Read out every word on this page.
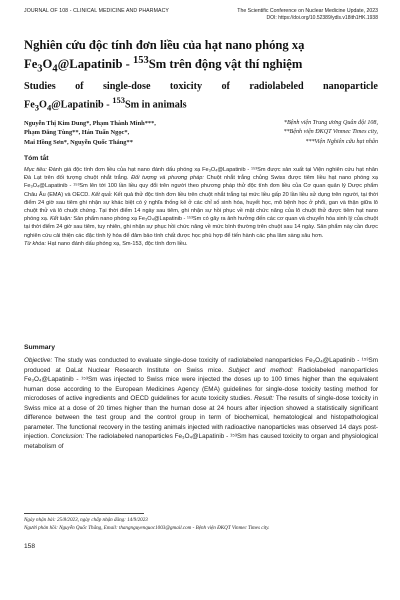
JOURNAL OF 108 - CLINICAL MEDICINE AND PHARMACY	The Scientific Conference on Nuclear Medicine Update, 2023
DOI: https://doi.org/10.52389/ydls.v18ith1HK.1938
Nghiên cứu độc tính đơn liều của hạt nano phóng xạ
$Fe_3O_4@Lapatinib - ^{153}Sm$ trên động vật thí nghiệm
Studies of single-dose toxicity of radiolabeled nanoparticle
$Fe_3O_4@Lapatinib - ^{153}Sm$ in animals
Nguyễn Thị Kim Dung*, Phạm Thành Minh***,
Phạm Đăng Tùng**, Hán Tuấn Ngọc*,
Mai Hồng Sơn*, Nguyễn Quốc Thắng**
*Bệnh viện Trung ương Quân đội 108,
**Bệnh viện ĐKQT Vinmec Times city,
***Viện Nghiên cứu hạt nhân
Tóm tắt
Mục tiêu: Đánh giá độc tính đơn liều của hạt nano đánh dấu phóng xạ Fe₃O₄@Lapatinib - ¹⁵³Sm được sản xuất tại Viện nghiên cứu hạt nhân Đà Lạt trên đối tượng chuột nhắt trắng. Đối tượng và phương pháp: Chuột nhắt trắng chủng Swiss được tiêm liều hạt nano phóng xạ Fe₃O₄@Lapatinib - ¹⁵³Sm lên tới 100 lần liều quy đổi trên người theo phương pháp thử độc tính đơn liều của Cơ quan quản lý Dược phẩm Châu Âu (EMA) và OECD. Kết quả: Kết quả thử độc tính đơn liều trên chuột nhắt trắng tại mức liều gấp 20 lần liều sử dụng trên người, tại thời điểm 24 giờ sau tiêm ghi nhận sự khác biệt có ý nghĩa thống kê ở các chỉ số sinh hóa, huyết học, mô bệnh học ở phổi, gan và thận giữa lô chuột thử và lô chuột chứng. Tại thời điểm 14 ngày sau tiêm, ghi nhận sự hồi phục về mặt chức năng của lô chuột thử được tiêm hạt nano phóng xạ. Kết luận: Sản phẩm nano phóng xạ Fe₃O₄@Lapatinib - ¹⁵³Sm có gây ra ảnh hưởng đến các cơ quan và chuyển hóa sinh lý của chuột tại thời điểm 24 giờ sau tiêm, tuy nhiên, ghi nhận sự phục hồi chức năng về mức bình thường trên chuột sau 14 ngày. Sản phẩm này cần được nghiên cứu cải thiện các đặc tính lý hóa để đảm bảo tính chất được học phù hợp để tiến hành các pha lâm sàng sâu hơn.
Từ khóa: Hạt nano đánh dấu phóng xạ, Sm-153, độc tính đơn liều.
Summary
Objective: The study was conducted to evaluate single-dose toxicity of radiolabeled nanoparticles Fe₃O₄@Lapatinib - ¹⁵³Sm produced at DaLat Nuclear Research Institute on Swiss mice. Subject and method: Radiolabeled nanoparticles Fe₃O₄@Lapatinib - ¹⁵³Sm was injected to Swiss mice were injected the doses up to 100 times higher than the equivalent human dose according to the European Medicines Agency (EMA) guidelines for single-dose toxicity testing method for microdoses of active ingredients and OECD guidelines for acute toxicity studies. Result: The results of single-dose toxicity in Swiss mice at a dose of 20 times higher than the human dose at 24 hours after injection showed a statistically significant difference between the test group and the control group in term of biochemical, hematological and histopathological parameter. The functional recovery in the testing animals injected with radioactive nanoparticles was observed 14 days post-injection. Conclusion: The radiolabeled nanoparticles Fe₃O₄@Lapatinib - ¹⁵³Sm has caused toxicity to organ and physiological metabolism of
Ngày nhận bài: 25/8/2023, ngày chấp nhận đăng: 14/9/2023
Người phản hồi: Nguyễn Quốc Thắng, Email: thangnguyenquoc1003@gmail.com - Bệnh viện ĐKQT Vinmec Times city.
158
